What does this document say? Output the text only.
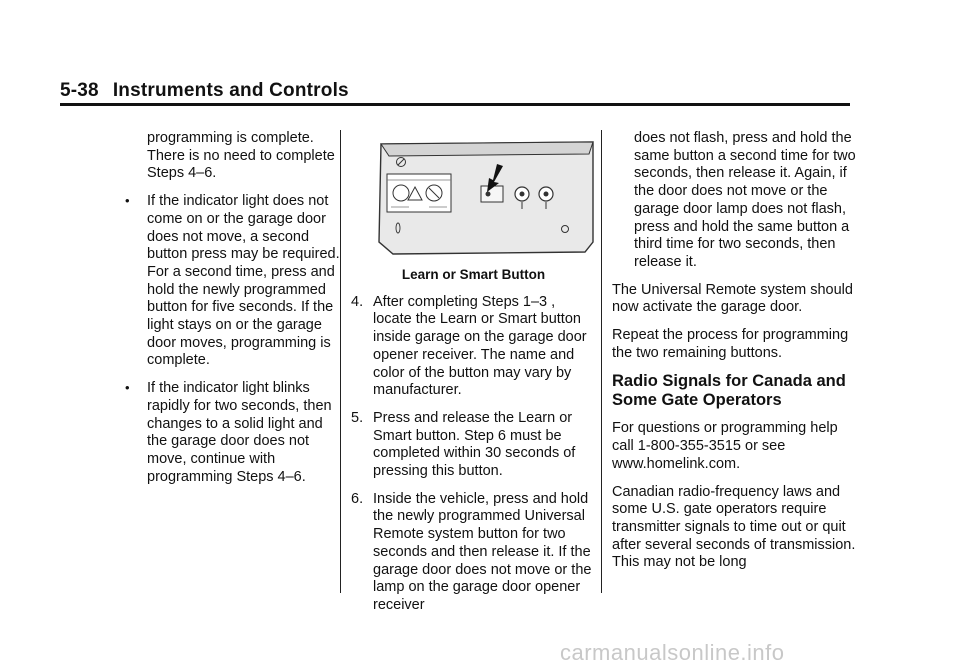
5-38 Instruments and Controls

programming is complete. There is no need to complete Steps 4–6.

• If the indicator light does not come on or the garage door does not move, a second button press may be required. For a second time, press and hold the newly programmed button for five seconds. If the light stays on or the garage door moves, programming is complete.

• If the indicator light blinks rapidly for two seconds, then changes to a solid light and the garage door does not move, continue with programming Steps 4–6.

Learn or Smart Button

4. After completing Steps 1–3 , locate the Learn or Smart button inside garage on the garage door opener receiver. The name and color of the button may vary by manufacturer.
5. Press and release the Learn or Smart button. Step 6 must be completed within 30 seconds of pressing this button.
6. Inside the vehicle, press and hold the newly programmed Universal Remote system button for two seconds and then release it. If the garage door does not move or the lamp on the garage door opener receiver

does not flash, press and hold the same button a second time for two seconds, then release it. Again, if the door does not move or the garage door lamp does not flash, press and hold the same button a third time for two seconds, then release it.

The Universal Remote system should now activate the garage door.

Repeat the process for programming the two remaining buttons.

Radio Signals for Canada and Some Gate Operators

For questions or programming help call 1-800-355-3515 or see www.homelink.com.

Canadian radio-frequency laws and some U.S. gate operators require transmitter signals to time out or quit after several seconds of transmission. This may not be long

carmanualsonline.info
